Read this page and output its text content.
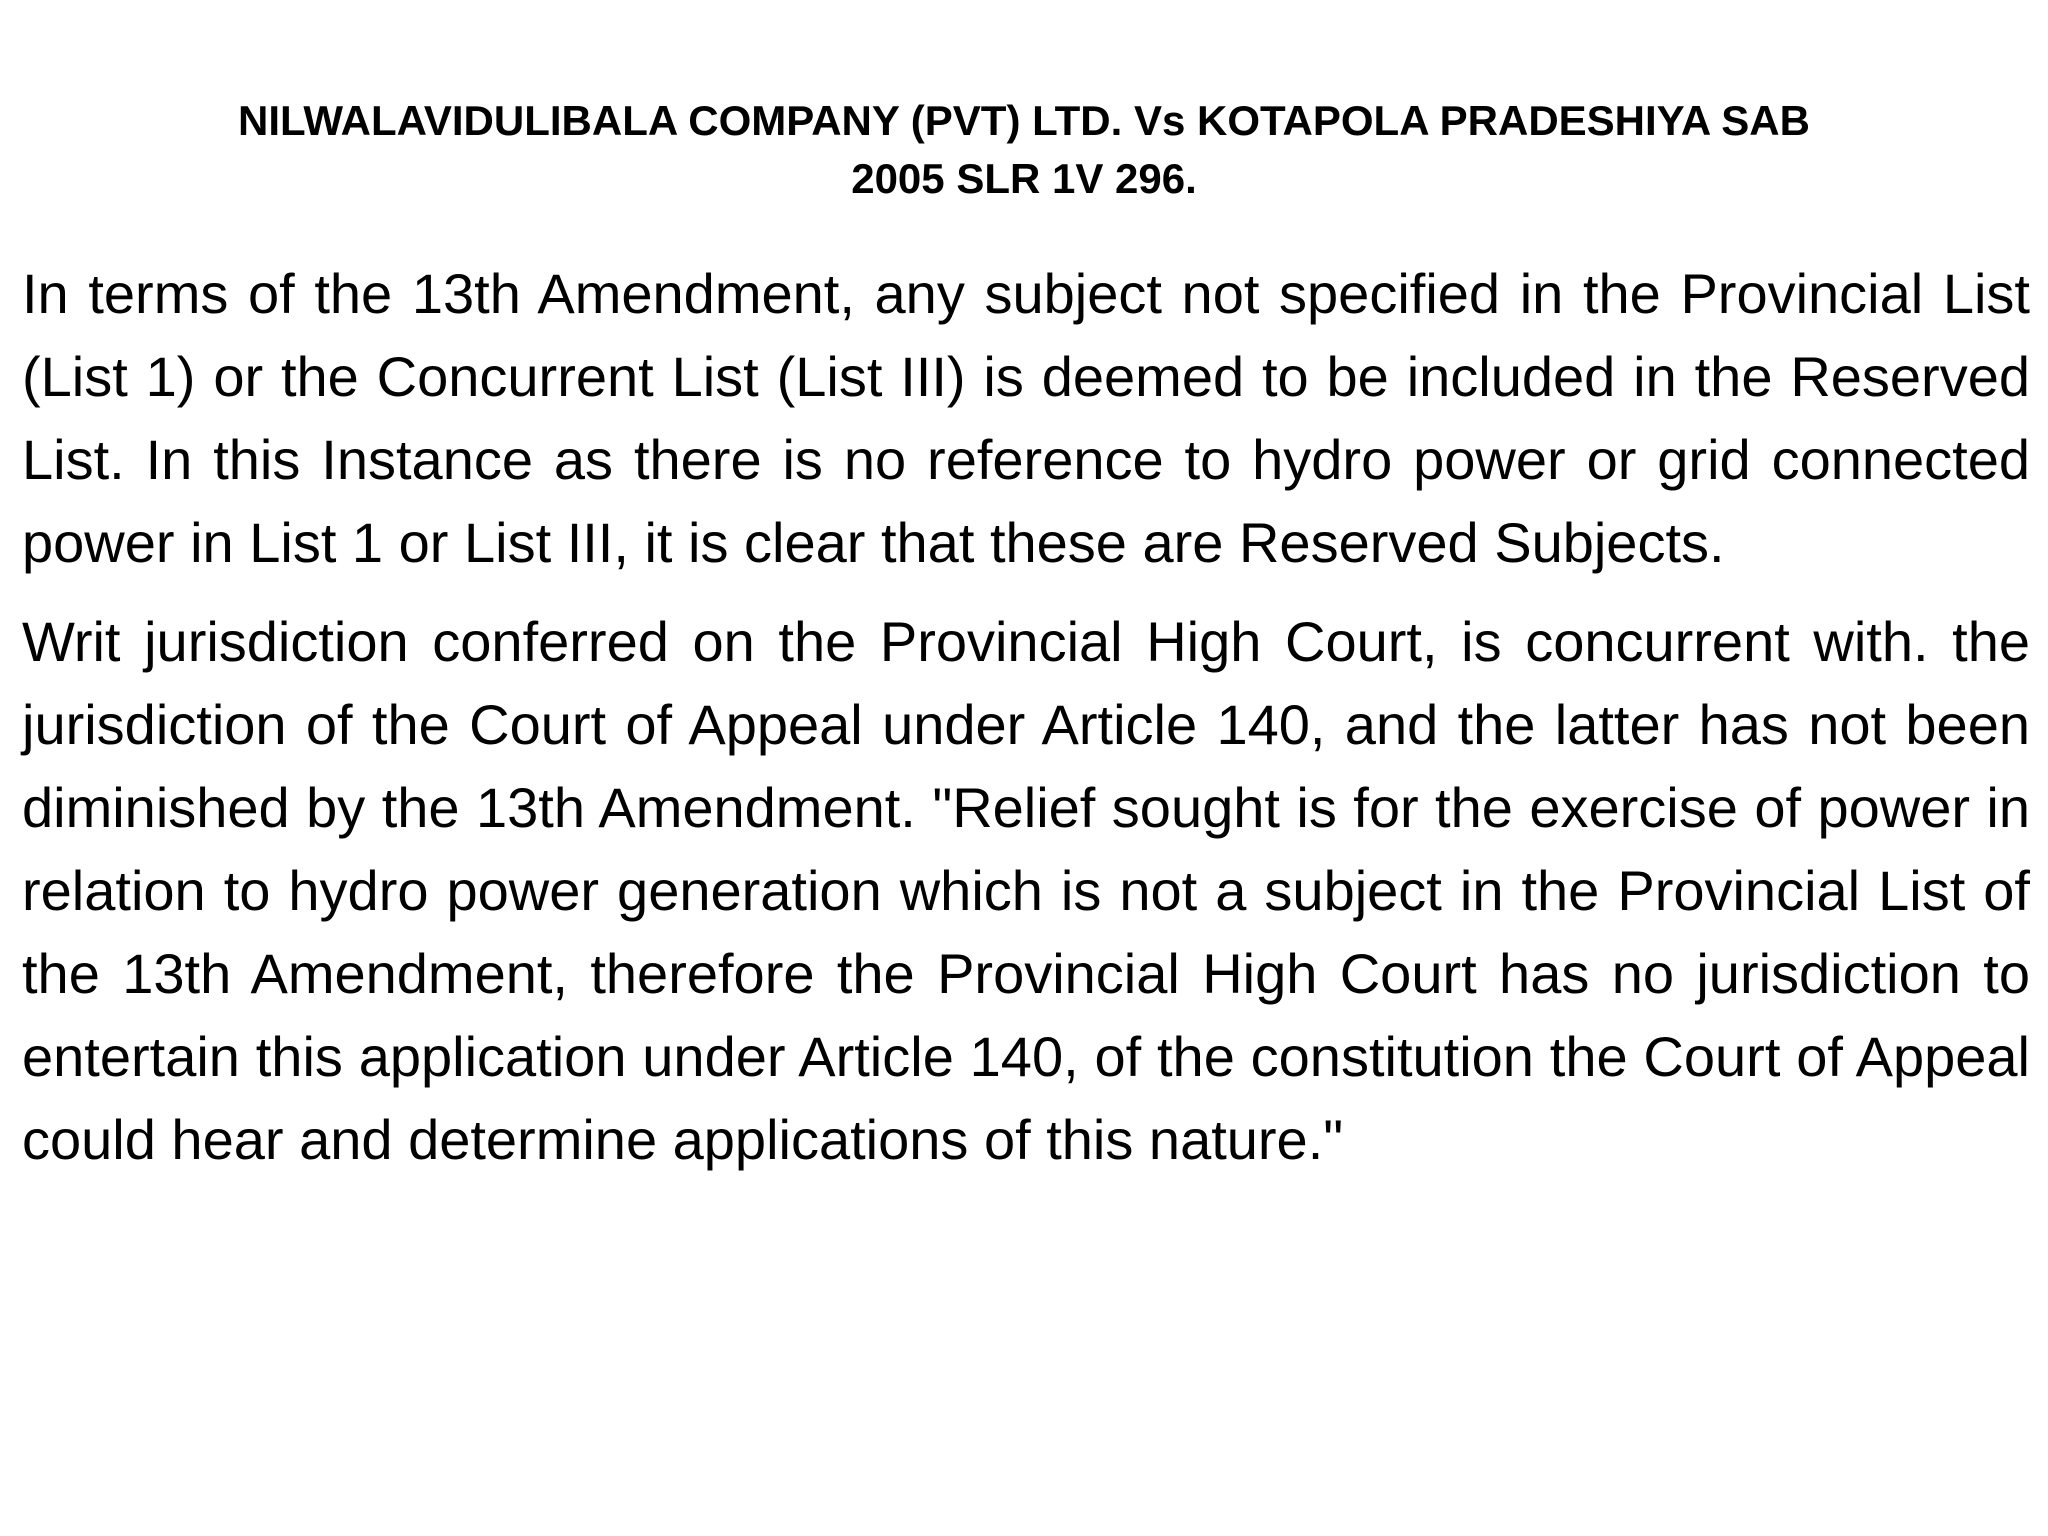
NILWALAVIDULIBALA COMPANY (PVT) LTD. Vs KOTAPOLA PRADESHIYA SAB
2005 SLR 1V 296.

In terms of the 13th Amendment, any subject not specified in the Provincial List (List 1) or the Concurrent List (List III) is deemed to be included in the Reserved List. In this Instance as there is no reference to hydro power or grid connected power in List 1 or List III, it is clear that these are Reserved Subjects.

Writ jurisdiction conferred on the Provincial High Court, is concurrent with. the jurisdiction of the Court of Appeal under Article 140, and the latter has not been diminished by the 13th Amendment. "Relief sought is for the exercise of power in relation to hydro power generation which is not a subject in the Provincial List of the 13th Amendment, therefore the Provincial High Court has no jurisdiction to entertain this application under Article 140, of the constitution the Court of Appeal could hear and determine applications of this nature."
